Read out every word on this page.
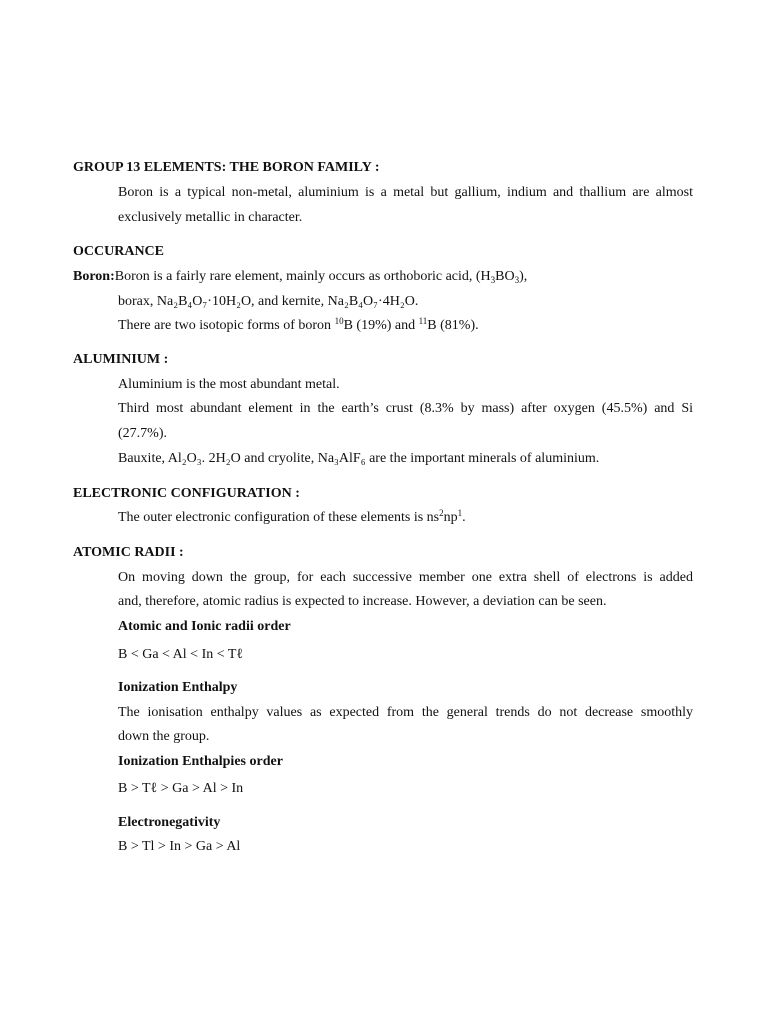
GROUP 13 ELEMENTS: THE BORON FAMILY :
Boron is a typical non-metal, aluminium is a metal but gallium, indium and thallium are almost
exclusively metallic in character.
OCCURANCE
Boron:Boron is a fairly rare element, mainly occurs as orthoboric acid, $(H_3BO_3)$,
borax, Na₂B₄O₇·10H₂O, and kernite, Na₂B₄O₇·4H₂O.
There are two isotopic forms of boron $^{10}$B (19%) and $^{11}$B (81%).
ALUMINIUM :
Aluminium is the most abundant metal.
Third most abundant element in the earth’s crust (8.3% by mass) after oxygen (45.5%) and Si
(27.7%).
Bauxite, Al₂O₃. 2H₂O and cryolite, Na₃AlF₆ are the important minerals of aluminium.
ELECTRONIC CONFIGURATION :
The outer electronic configuration of these elements is $ns^2np^1$.
ATOMIC RADII :
On moving down the group, for each successive member one extra shell of electrons is added
and, therefore, atomic radius is expected to increase. However, a deviation can be seen.
Atomic and Ionic radii order
B < Ga < Al < In < Tℓ
Ionization Enthalpy
The ionisation enthalpy values as expected from the general trends do not decrease smoothly
down the group.
Ionization Enthalpies order
B > Tℓ > Ga > Al > In
Electronegativity
B > Tl > In > Ga > Al
